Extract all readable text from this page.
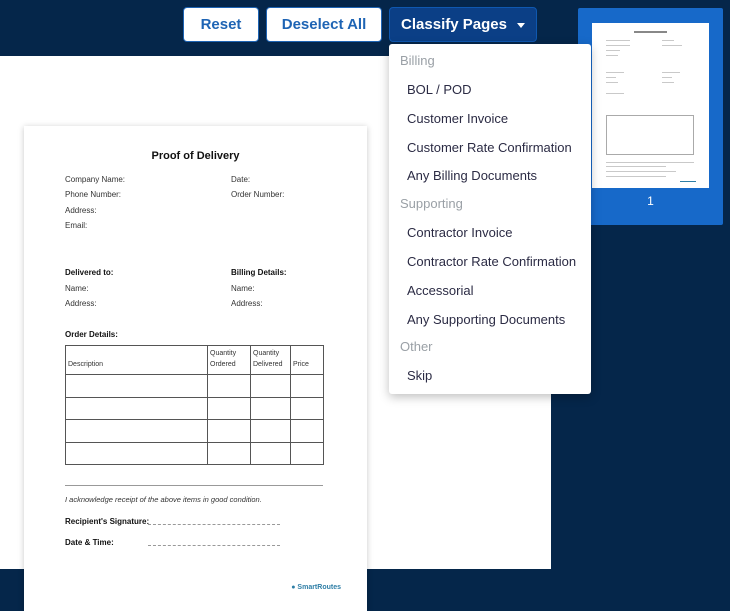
Proof of Delivery
Company Name:	Date:
Phone Number:	Order Number:
Address:
Email:
Delivered to:	Billing Details:
Name:	Name:
Address:	Address:
Order Details:
Description	Quantity Ordered	Quantity Delivered	Price

I acknowledge receipt of the above items in good condition.
Recipient's Signature:
Date & Time:
● SmartRoutes
Reset	Deselect All	Classify Pages
Billing
BOL / POD
Customer Invoice
Customer Rate Confirmation
Any Billing Documents
Supporting
Contractor Invoice
Contractor Rate Confirmation
Accessorial
Any Supporting Documents
Other
Skip
1
